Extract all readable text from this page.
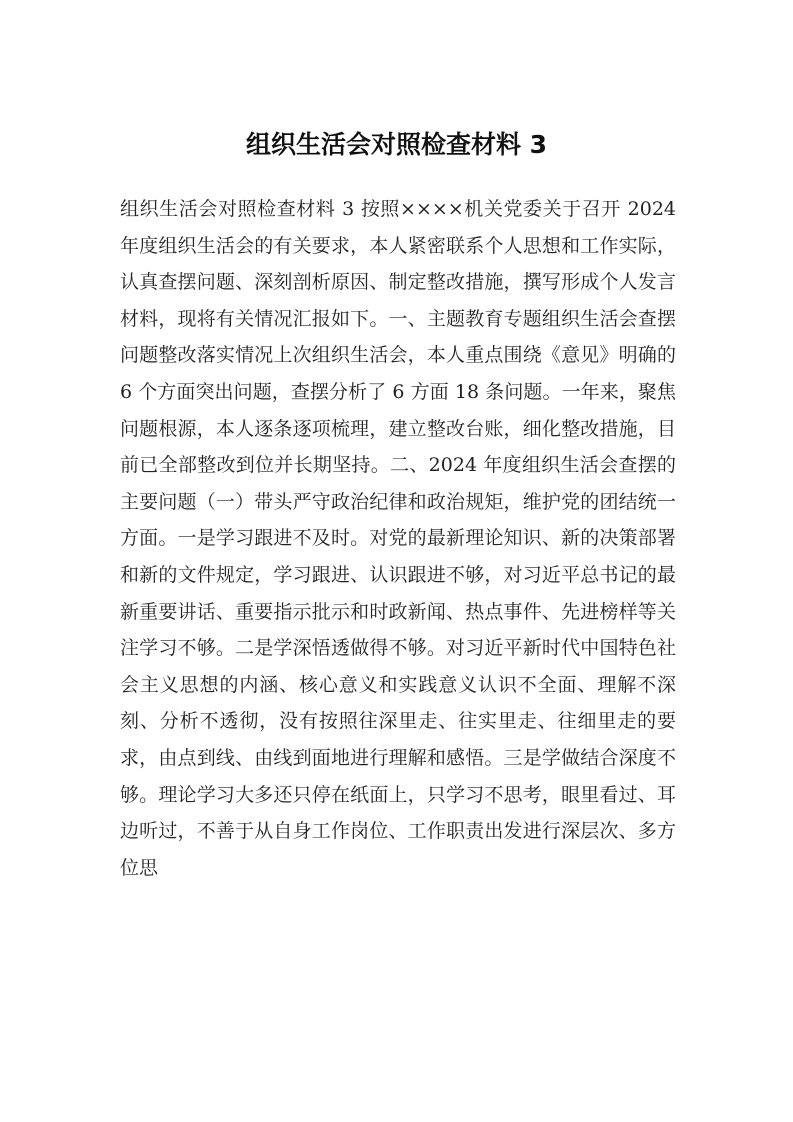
组织生活会对照检查材料 3

组织生活会对照检查材料 3 按照××××机关党委关于召开 2024 年度组织生活会的有关要求，本人紧密联系个人思想和工作实际，认真查摆问题、深刻剖析原因、制定整改措施，撰写形成个人发言材料，现将有关情况汇报如下。一、主题教育专题组织生活会查摆问题整改落实情况上次组织生活会，本人重点围绕《意见》明确的 6 个方面突出问题，查摆分析了 6 方面 18 条问题。一年来，聚焦问题根源，本人逐条逐项梳理，建立整改台账，细化整改措施，目前已全部整改到位并长期坚持。二、2024 年度组织生活会查摆的主要问题（一）带头严守政治纪律和政治规矩，维护党的团结统一方面。一是学习跟进不及时。对党的最新理论知识、新的决策部署和新的文件规定，学习跟进、认识跟进不够，对习近平总书记的最新重要讲话、重要指示批示和时政新闻、热点事件、先进榜样等关注学习不够。二是学深悟透做得不够。对习近平新时代中国特色社会主义思想的内涵、核心意义和实践意义认识不全面、理解不深刻、分析不透彻，没有按照往深里走、往实里走、往细里走的要求，由点到线、由线到面地进行理解和感悟。三是学做结合深度不够。理论学习大多还只停在纸面上，只学习不思考，眼里看过、耳边听过，不善于从自身工作岗位、工作职责出发进行深层次、多方位思
